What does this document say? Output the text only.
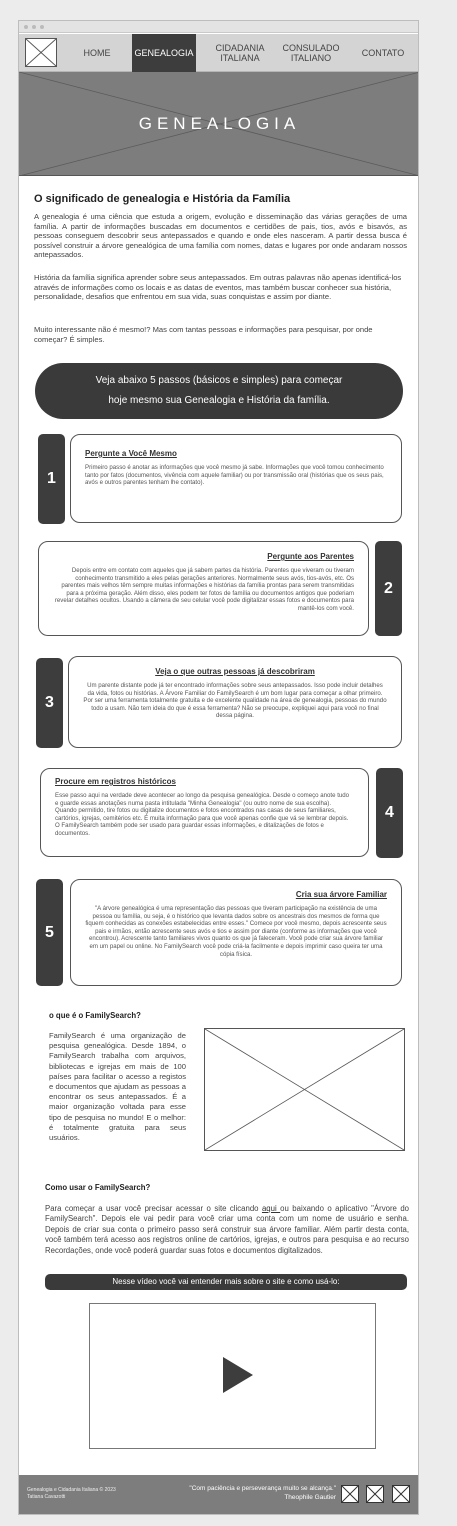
HOME	GENEALOGIA	CIDADANIA ITALIANA
CONSULADO ITALIANO	CONTATO
GENEALOGIA
O significado de genealogia e História da Família
A genealogia é uma ciência que estuda a origem, evolução e disseminação das várias gerações de uma família. A partir de informações buscadas em documentos e certidões de pais, tios, avós e bisavós, as pessoas conseguem descobrir seus antepassados e quando e onde eles nasceram. A partir dessa busca é possível construir a árvore genealógica de uma família com nomes, datas e lugares por onde andaram nossos antepassados.
História da família significa aprender sobre seus antepassados. Em outras palavras não apenas identificá-los através de informações como os locais e as datas de eventos, mas também buscar conhecer sua história, personalidade, desafios que enfrentou em sua vida, suas conquistas e assim por diante.
Muito interessante não é mesmo!? Mas com tantas pessoas e informações para pesquisar, por onde começar? É simples.
Veja abaixo 5 passos (básicos e simples) para começar
hoje mesmo sua Genealogia e História da família.
1
Pergunte a Você Mesmo
Primeiro passo é anotar as informações que você mesmo já sabe. Informações que você tomou conhecimento tanto por fatos (documentos, vivência com aquele familiar) ou por transmissão oral (histórias que os seus pais, avós e outros parentes tenham lhe contato).
Pergunte aos Parentes
Depois entre em contato com aqueles que já sabem partes da história. Parentes que viveram ou tiveram conhecimento transmitido a eles pelas gerações anteriores. Normalmente seus avós, tios-avós, etc. Os parentes mais velhos têm sempre muitas informações e histórias da família prontas para serem transmitidas para a próxima geração. Além disso, eles podem ter fotos de família ou documentos antigos que poderiam revelar detalhes ocultos. Usando a câmera de seu celular você pode digitalizar essas fotos e documentos para mantê-los com você.
2
3
Veja o que outras pessoas já descobriram
Um parente distante pode já ter encontrado informações sobre seus antepassados. Isso pode incluir detalhes da vida, fotos ou histórias. A Árvore Familiar do FamilySearch é um bom lugar para começar a olhar primeiro. Por ser uma ferramenta totalmente gratuita e de excelente qualidade na área de genealogia, pessoas do mundo todo a usam. Não tem ideia do que é essa ferramenta? Não se preocupe, expliquei aqui para você no final dessa página.
Procure em registros históricos
Esse passo aqui na verdade deve acontecer ao longo da pesquisa genealógica. Desde o começo anote tudo e guarde essas anotações numa pasta intitulada "Minha Genealogia" (ou outro nome de sua escolha). Quando permitido, tire fotos ou digitalize documentos e fotos encontrados nas casas de seus familiares, cartórios, igrejas, cemitérios etc. É muita informação para que você apenas confie que vá se lembrar depois. O FamilySearch também pode ser usado para guardar essas informações, e ditalizações de fotos e documentos.
4
5
Cria sua árvore Familiar
"A árvore genealógica é uma representação das pessoas que tiveram participação na existência de uma pessoa ou família, ou seja, é o histórico que levanta dados sobre os ancestrais dos mesmos de forma que fiquem conhecidas as conexões estabelecidas entre esses." Comece por você mesmo, depois acrescente seus pais e irmãos, então acrescente seus avós e tios e assim por diante (conforme as informações que você encontrou). Acrescente tanto familiares vivos quanto os que já faleceram. Você pode criar sua árvore familiar em um papel ou online. No FamilySearch você pode criá-la facilmente e depois imprimir caso queira ter uma cópia física.
o que é o FamilySearch?
FamilySearch é uma organização de pesquisa genealógica. Desde 1894, o FamilySearch trabalha com arquivos, bibliotecas e igrejas em mais de 100 países para facilitar o acesso a registos e documentos que ajudam as pessoas a encontrar os seus antepassados. É a maior organização voltada para esse tipo de pesquisa no mundo! E o melhor: é totalmente gratuita para seus usuários.
Como usar o FamilySearch?
Para começar a usar você precisar acessar o site clicando aqui ou baixando o aplicativo "Árvore do FamilySearch". Depois ele vai pedir para você criar uma conta com um nome de usuário e senha. Depois de criar sua conta o primeiro passo será construir sua árvore familiar. Além partir desta conta, você também terá acesso aos registros online de cartórios, igrejas, e outros para pesquisa e ao recurso Recordações, onde você poderá guardar suas fotos e documentos digitalizados.
Nesse vídeo você vai entender mais sobre o site e como usá-lo:
Genealogia e Cidadania Italiana © 2023
Tatiana Cavazotti
"Com paciência e perseverança muito se alcança."
Theophile Gautier
